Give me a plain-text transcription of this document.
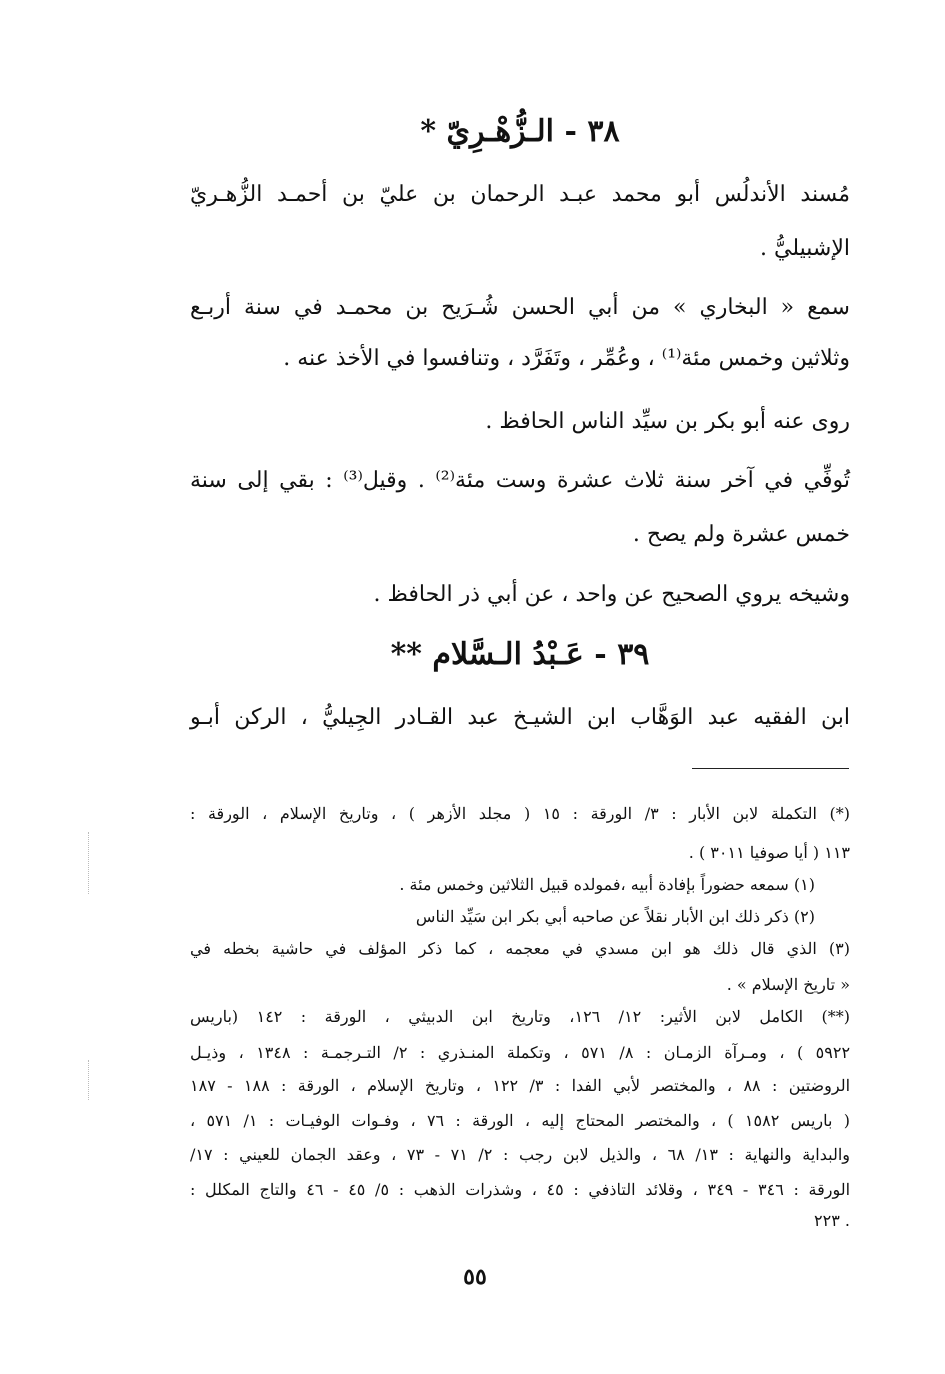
٣٨ - الـزُّهْـرِيّ *
مُسند الأندلُس أبو محمد عبـد الرحمان بن عليّ بن أحمـد الزُّهـريّ
الإشبيليُّ .
سمع « البخاري » من أبي الحسن شُـرَيح بن محمـد في سنة أربـع
وثلاثين وخمس مئة⁽¹⁾ ، وعُمِّر ، وتَفَرَّد ، وتنافسوا في الأخذ عنه .
روى عنه أبو بكر بن سيِّد الناس الحافظ .
تُوفِّي في آخر سنة ثلاث عشرة وست مئة⁽²⁾ . وقيل⁽³⁾ : بقي إلى سنة
خمس عشرة ولم يصح .
وشيخه يروي الصحيح عن واحد ، عن أبي ذر الحافظ .
٣٩ - عَـبْدُ الـسَّلام **
ابن الفقيه عبد الوَهَّاب ابن الشيـخ عبد القـادر الجِيليُّ ، الركن أبـو
(*) التكملة لابن الأبار : ٣/ الورقة : ١٥ ( مجلد الأزهر ) ، وتاريخ الإسلام ، الورقة :
١١٣ ( أيا صوفيا ٣٠١١ ) .
(١) سمعه حضوراً بإفادة أبيه ،فمولده قبيل الثلاثين وخمس مئة .
(٢) ذكر ذلك ابن الأبار نقلاً عن صاحبه أبي بكر ابن سَيِّد الناس
(٣) الذي قال ذلك هو ابن مسدي في معجمه ، كما ذكر المؤلف في حاشية بخطه في
« تاريخ الإسلام » .
(**) الكامل لابن الأثير: ١٢/ ١٢٦، وتاريخ ابن الدبيثي ، الورقة : ١٤٢ (باريس
٥٩٢٢ ) ، ومـرآة الزمـان : ٨/ ٥٧١ ، وتكملة المنـذري : ٢/ التـرجمـة : ١٣٤٨ ، وذيـل
الروضتين : ٨٨ ، والمختصر لأبي الفدا : ٣/ ١٢٢ ، وتاريخ الإسلام ، الورقة : ١٨٨ - ١٨٧
( باريس ١٥٨٢ ) ، والمختصر المحتاج إليه ، الورقة : ٧٦ ، وفـوات الوفيـات : ١/ ٥٧١ ،
والبداية والنهاية : ١٣/ ٦٨ ، والذيل لابن رجب : ٢/ ٧١ - ٧٣ ، وعقد الجمان للعيني : ١٧/
الورقة : ٣٤٦ - ٣٤٩ ، وقلائد التاذفي : ٤٥ ، وشذرات الذهب : ٥/ ٤٥ - ٤٦ والتاج المكلل :
. ٢٢٣
٥٥
